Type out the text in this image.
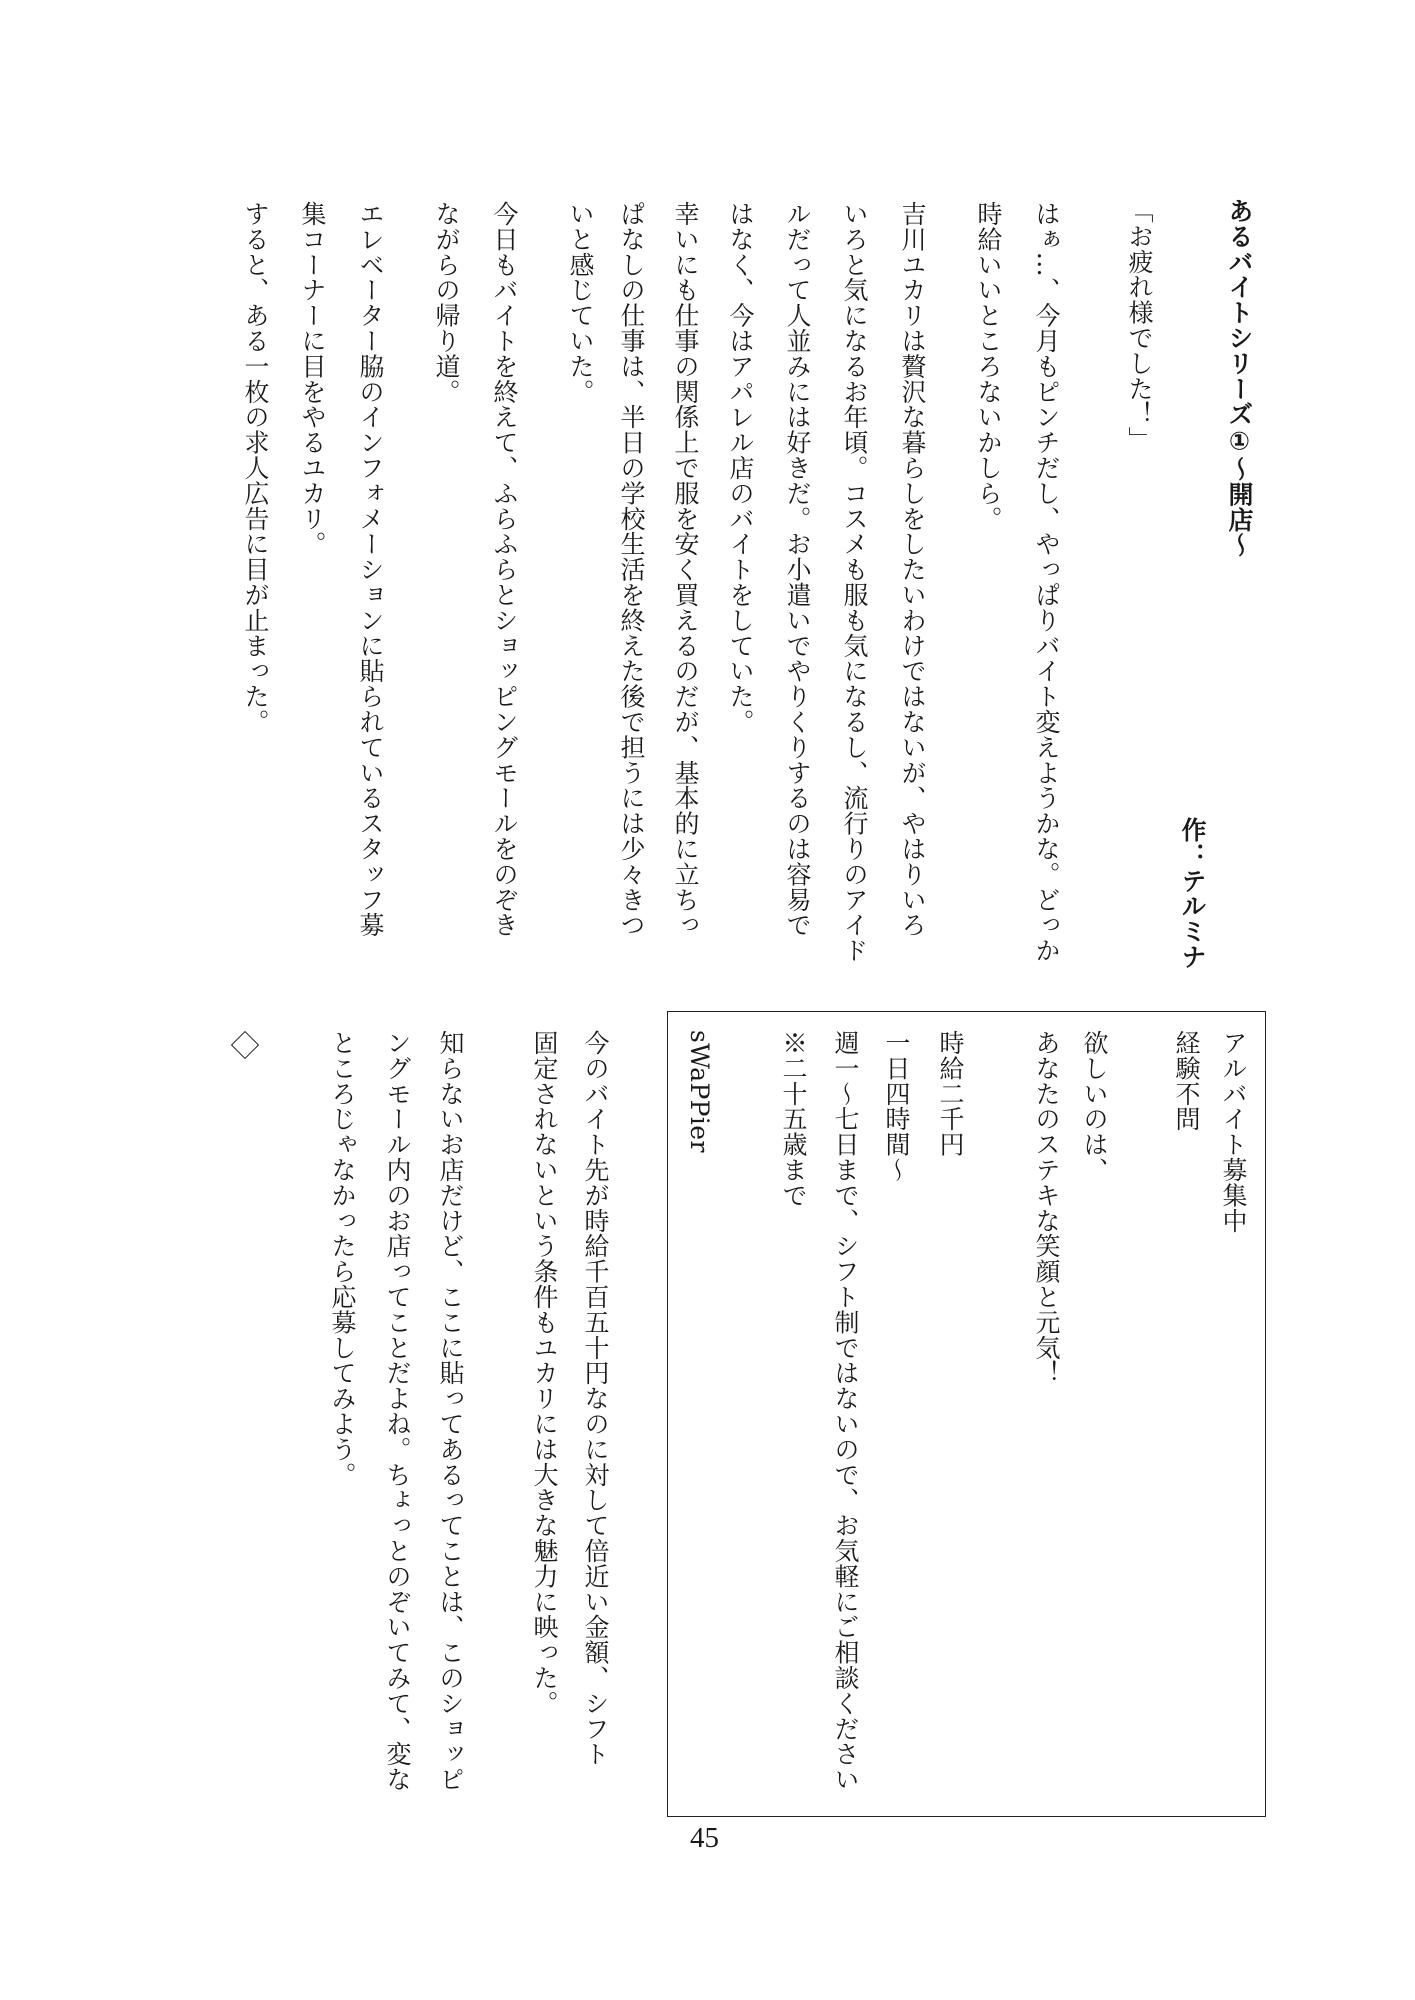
あるバイトシリーズ①～開店～
作：テルミナ
「お疲れ様でした！」
はぁ…、今月もピンチだし、やっぱりバイト変えようかな。どっか
時給いいところないかしら。
吉川ユカリは贅沢な暮らしをしたいわけではないが、やはりいろ
いろと気になるお年頃。コスメも服も気になるし、流行りのアイド
ルだって人並みには好きだ。お小遣いでやりくりするのは容易で
はなく、今はアパレル店のバイトをしていた。
幸いにも仕事の関係上で服を安く買えるのだが、基本的に立ちっ
ぱなしの仕事は、半日の学校生活を終えた後で担うには少々きつ
いと感じていた。
今日もバイトを終えて、ふらふらとショッピングモールをのぞき
ながらの帰り道。
エレベーター脇のインフォメーションに貼られているスタッフ募
集コーナーに目をやるユカリ。
すると、ある一枚の求人広告に目が止まった。
アルバイト募集中
経験不問
欲しいのは、
あなたのステキな笑顔と元気！
時給二千円
一日四時間～
週一～七日まで、シフト制ではないので、お気軽にご相談ください
※二十五歳まで
sWaPPier
今のバイト先が時給千百五十円なのに対して倍近い金額、シフト
固定されないという条件もユカリには大きな魅力に映った。
知らないお店だけど、ここに貼ってあるってことは、このショッピ
ングモール内のお店ってことだよね。ちょっとのぞいてみて、変な
ところじゃなかったら応募してみよう。
45
